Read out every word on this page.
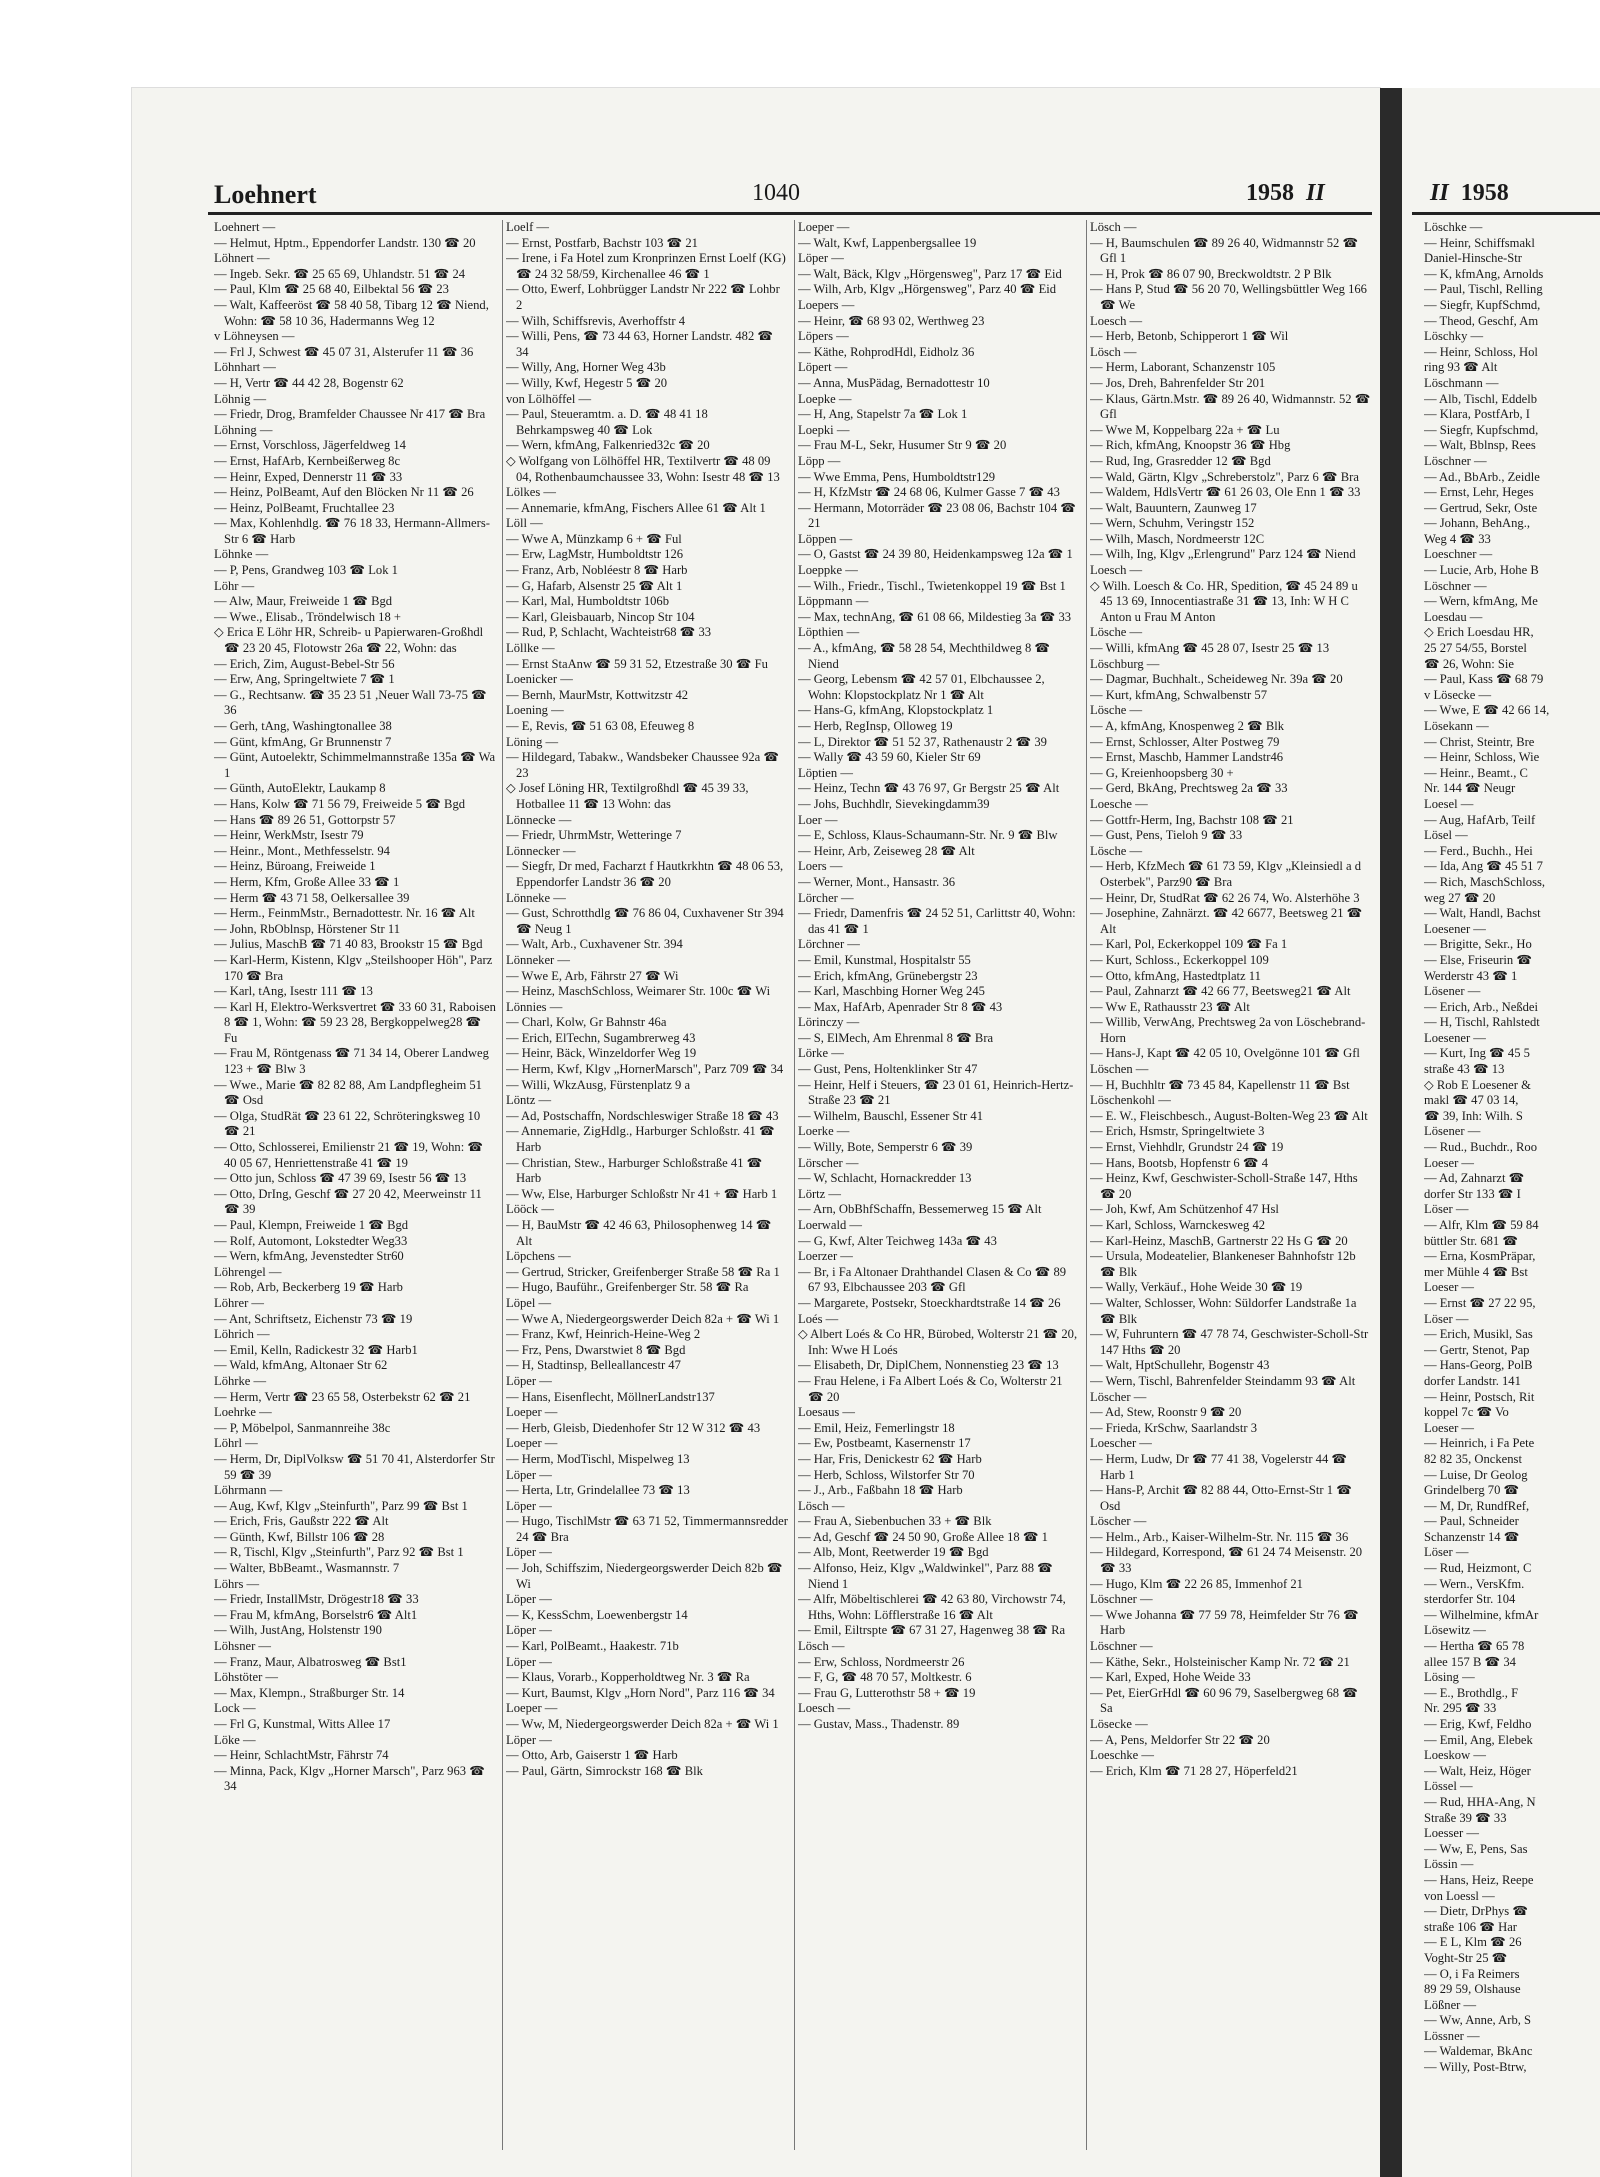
Loehnert	1040	1958 II

Loehnert —

— Helmut, Hptm., Eppendorfer Landstr. 130 ☎ 20

Löhnert —

— Ingeb. Sekr. ☎ 25 65 69, Uhlandstr. 51 ☎ 24

— Paul, Klm ☎ 25 68 40, Eilbektal 56 ☎ 23

— Walt, Kaffeeröst ☎ 58 40 58, Tibarg 12 ☎ Niend, Wohn: ☎ 58 10 36, Hadermanns Weg 12

v Löhneysen —

— Frl J, Schwest ☎ 45 07 31, Alsterufer 11 ☎ 36

Löhnhart —

— H, Vertr ☎ 44 42 28, Bogenstr 62

Löhnig —

— Friedr, Drog, Bramfelder Chaussee Nr 417 ☎ Bra

Löhning —

— Ernst, Vorschloss, Jägerfeldweg 14

— Ernst, HafArb, Kernbeißerweg 8c

— Heinr, Exped, Dennerstr 11 ☎ 33

— Heinz, PolBeamt, Auf den Blöcken Nr 11 ☎ 26

— Heinz, PolBeamt, Fruchtallee 23

— Max, Kohlenhdlg. ☎ 76 18 33, Hermann-Allmers-Str 6 ☎ Harb

Löhnke —

— P, Pens, Grandweg 103 ☎ Lok 1

Löhr —

— Alw, Maur, Freiweide 1 ☎ Bgd

— Wwe., Elisab., Tröndelwisch 18 +

◇ Erica E Löhr HR, Schreib- u Papierwaren-Großhdl ☎ 23 20 45, Flotowstr 26a ☎ 22, Wohn: das

— Erich, Zim, August-Bebel-Str 56

— Erw, Ang, Springeltwiete 7 ☎ 1

— G., Rechtsanw. ☎ 35 23 51 ,Neuer Wall 73-75 ☎ 36

— Gerh, tAng, Washingtonallee 38

— Günt, kfmAng, Gr Brunnenstr 7

— Günt, Autoelektr, Schimmelmannstraße 135a ☎ Wa 1

— Günth, AutoElektr, Laukamp 8

— Hans, Kolw ☎ 71 56 79, Freiweide 5 ☎ Bgd

— Hans ☎ 89 26 51, Gottorpstr 57

— Heinr, WerkMstr, Isestr 79

— Heinr., Mont., Methfesselstr. 94

— Heinz, Büroang, Freiweide 1

— Herm, Kfm, Große Allee 33 ☎ 1

— Herm ☎ 43 71 58, Oelkersallee 39

— Herm., FeinmMstr., Bernadottestr. Nr. 16 ☎ Alt

— John, RbOblnsp, Hörstener Str 11

— Julius, MaschB ☎ 71 40 83, Brookstr 15 ☎ Bgd

— Karl-Herm, Kistenn, Klgv „Steilshooper Höh", Parz 170 ☎ Bra

— Karl, tAng, Isestr 111 ☎ 13

— Karl H, Elektro-Werksvertret ☎ 33 60 31, Raboisen 8 ☎ 1, Wohn: ☎ 59 23 28, Bergkoppelweg28 ☎ Fu

— Frau M, Röntgenass ☎ 71 34 14, Oberer Landweg 123 + ☎ Blw 3

— Wwe., Marie ☎ 82 82 88, Am Landpflegheim 51 ☎ Osd

— Olga, StudRät ☎ 23 61 22, Schröteringksweg 10 ☎ 21

— Otto, Schlosserei, Emilienstr 21 ☎ 19, Wohn: ☎ 40 05 67, Henriettenstraße 41 ☎ 19

— Otto jun, Schloss ☎ 47 39 69, Isestr 56 ☎ 13

— Otto, DrIng, Geschf ☎ 27 20 42, Meerweinstr 11 ☎ 39

— Paul, Klempn, Freiweide 1 ☎ Bgd

— Rolf, Automont, Lokstedter Weg33

— Wern, kfmAng, Jevenstedter Str60

Löhrengel —

— Rob, Arb, Beckerberg 19 ☎ Harb

Löhrer —

— Ant, Schriftsetz, Eichenstr 73 ☎ 19

Löhrich —

— Emil, Kelln, Radickestr 32 ☎ Harb1

— Wald, kfmAng, Altonaer Str 62

Löhrke —

— Herm, Vertr ☎ 23 65 58, Osterbekstr 62 ☎ 21

Loehrke —

— P, Möbelpol, Sanmannreihe 38c

Löhrl —

— Herm, Dr, DiplVolksw ☎ 51 70 41, Alsterdorfer Str 59 ☎ 39

Löhrmann —

— Aug, Kwf, Klgv „Steinfurth", Parz 99 ☎ Bst 1

— Erich, Fris, Gaußstr 222 ☎ Alt

— Günth, Kwf, Billstr 106 ☎ 28

— R, Tischl, Klgv „Steinfurth", Parz 92 ☎ Bst 1

— Walter, BbBeamt., Wasmannstr. 7

Löhrs —

— Friedr, InstallMstr, Drögestr18 ☎ 33

— Frau M, kfmAng, Borselstr6 ☎ Alt1

— Wilh, JustAng, Holstenstr 190

Löhsner —

— Franz, Maur, Albatrosweg ☎ Bst1

Löhstöter —

— Max, Klempn., Straßburger Str. 14

Lock —

— Frl G, Kunstmal, Witts Allee 17

Löke —

— Heinr, SchlachtMstr, Fährstr 74

— Minna, Pack, Klgv „Horner Marsch", Parz 963 ☎ 34

Loelf —

— Ernst, Postfarb, Bachstr 103 ☎ 21

— Irene, i Fa Hotel zum Kronprinzen Ernst Loelf (KG) ☎ 24 32 58/59, Kirchenallee 46 ☎ 1

— Otto, Ewerf, Lohbrügger Landstr Nr 222 ☎ Lohbr 2

— Wilh, Schiffsrevis, Averhoffstr 4

— Willi, Pens, ☎ 73 44 63, Horner Landstr. 482 ☎ 34

— Willy, Ang, Horner Weg 43b

— Willy, Kwf, Hegestr 5 ☎ 20

von Lölhöffel —

— Paul, Steueramtm. a. D. ☎ 48 41 18 Behrkampsweg 40 ☎ Lok

— Wern, kfmAng, Falkenried32c ☎ 20

◇ Wolfgang von Lölhöffel HR, Textilvertr ☎ 48 09 04, Rothenbaumchaussee 33, Wohn: Isestr 48 ☎ 13

Lölkes —

— Annemarie, kfmAng, Fischers Allee 61 ☎ Alt 1

Löll —

— Wwe A, Münzkamp 6 + ☎ Ful

— Erw, LagMstr, Humboldtstr 126

— Franz, Arb, Nobléestr 8 ☎ Harb

— G, Hafarb, Alsenstr 25 ☎ Alt 1

— Karl, Mal, Humboldtstr 106b

— Karl, Gleisbauarb, Nincop Str 104

— Rud, P, Schlacht, Wachteistr68 ☎ 33

Löllke —

— Ernst StaAnw ☎ 59 31 52, Etzestraße 30 ☎ Fu

Loenicker —

— Bernh, MaurMstr, Kottwitzstr 42

Loening —

— E, Revis, ☎ 51 63 08, Efeuweg 8

Löning —

— Hildegard, Tabakw., Wandsbeker Chaussee 92a ☎ 23

◇ Josef Löning HR, Textilgroßhdl ☎ 45 39 33, Hotballee 11 ☎ 13 Wohn: das

Lönnecke —

— Friedr, UhrmMstr, Wetteringe 7

Lönnecker —

— Siegfr, Dr med, Facharzt f Hautkrkhtn ☎ 48 06 53, Eppendorfer Landstr 36 ☎ 20

Lönneke —

— Gust, Schrotthdlg ☎ 76 86 04, Cuxhavener Str 394 ☎ Neug 1

— Walt, Arb., Cuxhavener Str. 394

Lönneker —

— Wwe E, Arb, Fährstr 27 ☎ Wi

— Heinz, MaschSchloss, Weimarer Str. 100c ☎ Wi

Lönnies —

— Charl, Kolw, Gr Bahnstr 46a

— Erich, ElTechn, Sugambrerweg 43

— Heinr, Bäck, Winzeldorfer Weg 19

— Herm, Kwf, Klgv „HornerMarsch", Parz 709 ☎ 34

— Willi, WkzAusg, Fürstenplatz 9 a

Löntz —

— Ad, Postschaffn, Nordschleswiger Straße 18 ☎ 43

— Annemarie, ZigHdlg., Harburger Schloßstr. 41 ☎ Harb

— Christian, Stew., Harburger Schloßstraße 41 ☎ Harb

— Ww, Else, Harburger Schloßstr Nr 41 + ☎ Harb 1

Lööck —

— H, BauMstr ☎ 42 46 63, Philosophenweg 14 ☎ Alt

Löpchens —

— Gertrud, Stricker, Greifenberger Straße 58 ☎ Ra 1

— Hugo, Bauführ., Greifenberger Str. 58 ☎ Ra

Löpel —

— Wwe A, Niedergeorgswerder Deich 82a + ☎ Wi 1

— Franz, Kwf, Heinrich-Heine-Weg 2

— Frz, Pens, Dwarstwiet 8 ☎ Bgd

— H, Stadtinsp, Belleallancestr 47

Löper —

— Hans, Eisenflecht, MöllnerLandstr137

Loeper —

— Herb, Gleisb, Diedenhofer Str 12 W 312 ☎ 43

Loeper —

— Herm, ModTischl, Mispelweg 13

Löper —

— Herta, Ltr, Grindelallee 73 ☎ 13

Löper —

— Hugo, TischlMstr ☎ 63 71 52, Timmermannsredder 24 ☎ Bra

Löper —

— Joh, Schiffszim, Niedergeorgswerder Deich 82b ☎ Wi

Löper —

— K, KessSchm, Loewenbergstr 14

Löper —

— Karl, PolBeamt., Haakestr. 71b

Löper —

— Klaus, Vorarb., Kopperholdtweg Nr. 3 ☎ Ra

— Kurt, Baumst, Klgv „Horn Nord", Parz 116 ☎ 34

Loeper —

— Ww, M, Niedergeorgswerder Deich 82a + ☎ Wi 1

Löper —

— Otto, Arb, Gaiserstr 1 ☎ Harb

— Paul, Gärtn, Simrockstr 168 ☎ Blk

Loeper —

— Walt, Kwf, Lappenbergsallee 19

Löper —

— Walt, Bäck, Klgv „Hörgensweg", Parz 17 ☎ Eid

— Wilh, Arb, Klgv „Hörgensweg", Parz 40 ☎ Eid

Loepers —

— Heinr, ☎ 68 93 02, Werthweg 23

Löpers —

— Käthe, RohprodHdl, Eidholz 36

Löpert —

— Anna, MusPädag, Bernadottestr 10

Loepke —

— H, Ang, Stapelstr 7a ☎ Lok 1

Loepki —

— Frau M-L, Sekr, Husumer Str 9 ☎ 20

Löpp —

— Wwe Emma, Pens, Humboldtstr129

— H, KfzMstr ☎ 24 68 06, Kulmer Gasse 7 ☎ 43

— Hermann, Motorräder ☎ 23 08 06, Bachstr 104 ☎ 21

Löppen —

— O, Gastst ☎ 24 39 80, Heidenkampsweg 12a ☎ 1

Loeppke —

— Wilh., Friedr., Tischl., Twietenkoppel 19 ☎ Bst 1

Löppmann —

— Max, technAng, ☎ 61 08 66, Mildestieg 3a ☎ 33

Löpthien —

— A., kfmAng, ☎ 58 28 54, Mechthildweg 8 ☎ Niend

— Georg, Lebensm ☎ 42 57 01, Elbchaussee 2, Wohn: Klopstockplatz Nr 1 ☎ Alt

— Hans-G, kfmAng, Klopstockplatz 1

— Herb, RegInsp, Olloweg 19

— L, Direktor ☎ 51 52 37, Rathenaustr 2 ☎ 39

— Wally ☎ 43 59 60, Kieler Str 69

Löptien —

— Heinz, Techn ☎ 43 76 97, Gr Bergstr 25 ☎ Alt

— Johs, Buchhdlr, Sievekingdamm39

Loer —

— E, Schloss, Klaus-Schaumann-Str. Nr. 9 ☎ Blw

— Heinr, Arb, Zeiseweg 28 ☎ Alt

Loers —

— Werner, Mont., Hansastr. 36

Lörcher —

— Friedr, Damenfris ☎ 24 52 51, Carlittstr 40, Wohn: das 41 ☎ 1

Lörchner —

— Emil, Kunstmal, Hospitalstr 55

— Erich, kfmAng, Grünebergstr 23

— Karl, Maschbing Horner Weg 245

— Max, HafArb, Apenrader Str 8 ☎ 43

Lörinczy —

— S, ElMech, Am Ehrenmal 8 ☎ Bra

Lörke —

— Gust, Pens, Holtenklinker Str 47

— Heinr, Helf i Steuers, ☎ 23 01 61, Heinrich-Hertz-Straße 23 ☎ 21

— Wilhelm, Bauschl, Essener Str 41

Loerke —

— Willy, Bote, Semperstr 6 ☎ 39

Lörscher —

— W, Schlacht, Hornackredder 13

Lörtz —

— Arn, ObBhfSchaffn, Bessemerweg 15 ☎ Alt

Loerwald —

— G, Kwf, Alter Teichweg 143a ☎ 43

Loerzer —

— Br, i Fa Altonaer Drahthandel Clasen & Co ☎ 89 67 93, Elbchaussee 203 ☎ Gfl

— Margarete, Postsekr, Stoeckhardtstraße 14 ☎ 26

Loés —

◇ Albert Loés & Co HR, Bürobed, Wolterstr 21 ☎ 20, Inh: Wwe H Loés

— Elisabeth, Dr, DiplChem, Nonnenstieg 23 ☎ 13

— Frau Helene, i Fa Albert Loés & Co, Wolterstr 21 ☎ 20

Loesaus —

— Emil, Heiz, Femerlingstr 18

— Ew, Postbeamt, Kasernenstr 17

— Har, Fris, Denickestr 62 ☎ Harb

— Herb, Schloss, Wilstorfer Str 70

— J., Arb., Faßbahn 18 ☎ Harb

Lösch —

— Frau A, Siebenbuchen 33 + ☎ Blk

— Ad, Geschf ☎ 24 50 90, Große Allee 18 ☎ 1

— Alb, Mont, Reetwerder 19 ☎ Bgd

— Alfonso, Heiz, Klgv „Waldwinkel", Parz 88 ☎ Niend 1

— Alfr, Möbeltischlerei ☎ 42 63 80, Virchowstr 74, Hths, Wohn: Löfflerstraße 16 ☎ Alt

— Emil, Eiltrspte ☎ 67 31 27, Hagenweg 38 ☎ Ra

Lösch —

— Erw, Schloss, Nordmeerstr 26

— F, G, ☎ 48 70 57, Moltkestr. 6

— Frau G, Lutterothstr 58 + ☎ 19

Loesch —

— Gustav, Mass., Thadenstr. 89

Lösch —

— H, Baumschulen ☎ 89 26 40, Widmannstr 52 ☎ Gfl 1

— H, Prok ☎ 86 07 90, Breckwoldtstr. 2 P Blk

— Hans P, Stud ☎ 56 20 70, Wellingsbüttler Weg 166 ☎ We

Loesch —

— Herb, Betonb, Schipperort 1 ☎ Wil

Lösch —

— Herm, Laborant, Schanzenstr 105

— Jos, Dreh, Bahrenfelder Str 201

— Klaus, Gärtn.Mstr. ☎ 89 26 40, Widmannstr. 52 ☎ Gfl

— Wwe M, Koppelbarg 22a + ☎ Lu

— Rich, kfmAng, Knoopstr 36 ☎ Hbg

— Rud, Ing, Grasredder 12 ☎ Bgd

— Wald, Gärtn, Klgv „Schreberstolz", Parz 6 ☎ Bra

— Waldem, HdlsVertr ☎ 61 26 03, Ole Enn 1 ☎ 33

— Walt, Bauuntern, Zaunweg 17

— Wern, Schuhm, Veringstr 152

— Wilh, Masch, Nordmeerstr 12C

— Wilh, Ing, Klgv „Erlengrund" Parz 124 ☎ Niend

Loesch —

◇ Wilh. Loesch & Co. HR, Spedition, ☎ 45 24 89 u 45 13 69, Innocentiastraße 31 ☎ 13, Inh: W H C Anton u Frau M Anton

Lösche —

— Willi, kfmAng ☎ 45 28 07, Isestr 25 ☎ 13

Löschburg —

— Dagmar, Buchhalt., Scheideweg Nr. 39a ☎ 20

— Kurt, kfmAng, Schwalbenstr 57

Lösche —

— A, kfmAng, Knospenweg 2 ☎ Blk

— Ernst, Schlosser, Alter Postweg 79

— Ernst, Maschb, Hammer Landstr46

— G, Kreienhoopsberg 30 +

— Gerd, BkAng, Prechtsweg 2a ☎ 33

Loesche —

— Gottfr-Herm, Ing, Bachstr 108 ☎ 21

— Gust, Pens, Tieloh 9 ☎ 33

Lösche —

— Herb, KfzMech ☎ 61 73 59, Klgv „Kleinsiedl a d Osterbek", Parz90 ☎ Bra

— Heinr, Dr, StudRat ☎ 62 26 74, Wo. Alsterhöhe 3

— Josephine, Zahnärzt. ☎ 42 6677, Beetsweg 21 ☎ Alt

— Karl, Pol, Eckerkoppel 109 ☎ Fa 1

— Kurt, Schloss., Eckerkoppel 109

— Otto, kfmAng, Hastedtplatz 11

— Paul, Zahnarzt ☎ 42 66 77, Beetsweg21 ☎ Alt

— Ww E, Rathausstr 23 ☎ Alt

— Willib, VerwAng, Prechtsweg 2a von Löschebrand-Horn

— Hans-J, Kapt ☎ 42 05 10, Ovelgönne 101 ☎ Gfl

Löschen —

— H, Buchhltr ☎ 73 45 84, Kapellenstr 11 ☎ Bst

Löschenkohl —

— E. W., Fleischbesch., August-Bolten-Weg 23 ☎ Alt

— Erich, Hsmstr, Springeltwiete 3

— Ernst, Viehhdlr, Grundstr 24 ☎ 19

— Hans, Bootsb, Hopfenstr 6 ☎ 4

— Heinz, Kwf, Geschwister-Scholl-Straße 147, Hths ☎ 20

— Joh, Kwf, Am Schützenhof 47 Hsl

— Karl, Schloss, Warnckesweg 42

— Karl-Heinz, MaschB, Gartnerstr 22 Hs G ☎ 20

— Ursula, Modeatelier, Blankeneser Bahnhofstr 12b ☎ Blk

— Wally, Verkäuf., Hohe Weide 30 ☎ 19

— Walter, Schlosser, Wohn: Süldorfer Landstraße 1a ☎ Blk

— W, Fuhruntern ☎ 47 78 74, Geschwister-Scholl-Str 147 Hths ☎ 20

— Walt, HptSchullehr, Bogenstr 43

— Wern, Tischl, Bahrenfelder Steindamm 93 ☎ Alt

Löscher —

— Ad, Stew, Roonstr 9 ☎ 20

— Frieda, KrSchw, Saarlandstr 3

Loescher —

— Herm, Ludw, Dr ☎ 77 41 38, Vogelerstr 44 ☎ Harb 1

— Hans-P, Archit ☎ 82 88 44, Otto-Ernst-Str 1 ☎ Osd

Löscher —

— Helm., Arb., Kaiser-Wilhelm-Str. Nr. 115 ☎ 36

— Hildegard, Korrespond, ☎ 61 24 74 Meisenstr. 20 ☎ 33

— Hugo, Klm ☎ 22 26 85, Immenhof 21

Löschner —

— Wwe Johanna ☎ 77 59 78, Heimfelder Str 76 ☎ Harb

Löschner —

— Käthe, Sekr., Holsteinischer Kamp Nr. 72 ☎ 21

— Karl, Exped, Hohe Weide 33

— Pet, EierGrHdl ☎ 60 96 79, Saselbergweg 68 ☎ Sa

Lösecke —

— A, Pens, Meldorfer Str 22 ☎ 20

Loeschke —

— Erich, Klm ☎ 71 28 27, Höperfeld21

II 1958

Löschke —

— Heinr, Schiffsmakl

Daniel-Hinsche-Str

— K, kfmAng, Arnolds

— Paul, Tischl, Relling

— Siegfr, KupfSchmd,

— Theod, Geschf, Am

Löschky —

— Heinr, Schloss, Hol

ring 93 ☎ Alt

Löschmann —

— Alb, Tischl, Eddelb

— Klara, PostfArb, I

— Siegfr, Kupfschmd,

— Walt, Bblnsp, Rees

Löschner —

— Ad., BbArb., Zeidle

— Ernst, Lehr, Heges

— Gertrud, Sekr, Oste

— Johann, BehAng.,

Weg 4 ☎ 33

Loeschner —

— Lucie, Arb, Hohe B

Löschner —

— Wern, kfmAng, Me

Loesdau —

◇ Erich Loesdau HR,

25 27 54/55, Borstel

☎ 26, Wohn: Sie

— Paul, Kass ☎ 68 79

v Lösecke —

— Wwe, E ☎ 42 66 14,

Lösekann —

— Christ, Steintr, Bre

— Heinr, Schloss, Wie

— Heinr., Beamt., C

Nr. 144 ☎ Neugr

Loesel —

— Aug, HafArb, Teilf

Lösel —

— Ferd., Buchh., Hei

— Ida, Ang ☎ 45 51 7

— Rich, MaschSchloss,

weg 27 ☎ 20

— Walt, Handl, Bachst

Loesener —

— Brigitte, Sekr., Ho

— Else, Friseurin ☎

Werderstr 43 ☎ 1

Lösener —

— Erich, Arb., Neßdei

— H, Tischl, Rahlstedt

Loesener —

— Kurt, Ing ☎ 45 5

straße 43 ☎ 13

◇ Rob E Loesener &

makl ☎ 47 03 14,

☎ 39, Inh: Wilh. S

Lösener —

— Rud., Buchdr., Roo

Loeser —

— Ad, Zahnarzt ☎

dorfer Str 133 ☎ I

Löser —

— Alfr, Klm ☎ 59 84

büttler Str. 681 ☎

— Erna, KosmPräpar,

mer Mühle 4 ☎ Bst

Loeser —

— Ernst ☎ 27 22 95,

Löser —

— Erich, Musikl, Sas

— Gertr, Stenot, Pap

— Hans-Georg, PolB

dorfer Landstr. 141

— Heinr, Postsch, Rit

koppel 7c ☎ Vo

Loeser —

— Heinrich, i Fa Pete

82 82 35, Onckenst

— Luise, Dr Geolog

Grindelberg 70 ☎

— M, Dr, RundfRef,

— Paul, Schneider

Schanzenstr 14 ☎

Löser —

— Rud, Heizmont, C

— Wern., VersKfm.

sterdorfer Str. 104

— Wilhelmine, kfmAr

Lösewitz —

— Hertha ☎ 65 78

allee 157 B ☎ 34

Lösing —

— E., Brothdlg., F

Nr. 295 ☎ 33

— Erig, Kwf, Feldho

— Emil, Ang, Elebek

Loeskow —

— Walt, Heiz, Höger

Lössel —

— Rud, HHA-Ang, N

Straße 39 ☎ 33

Loesser —

— Ww, E, Pens, Sas

Lössin —

— Hans, Heiz, Reepe

von Loessl —

— Dietr, DrPhys ☎

straße 106 ☎ Har

— E L, Klm ☎ 26

Voght-Str 25 ☎

— O, i Fa Reimers

89 29 59, Olshause

Lößner —

— Ww, Anne, Arb, S

Lössner —

— Waldemar, BkAnc

— Willy, Post-Btrw,
